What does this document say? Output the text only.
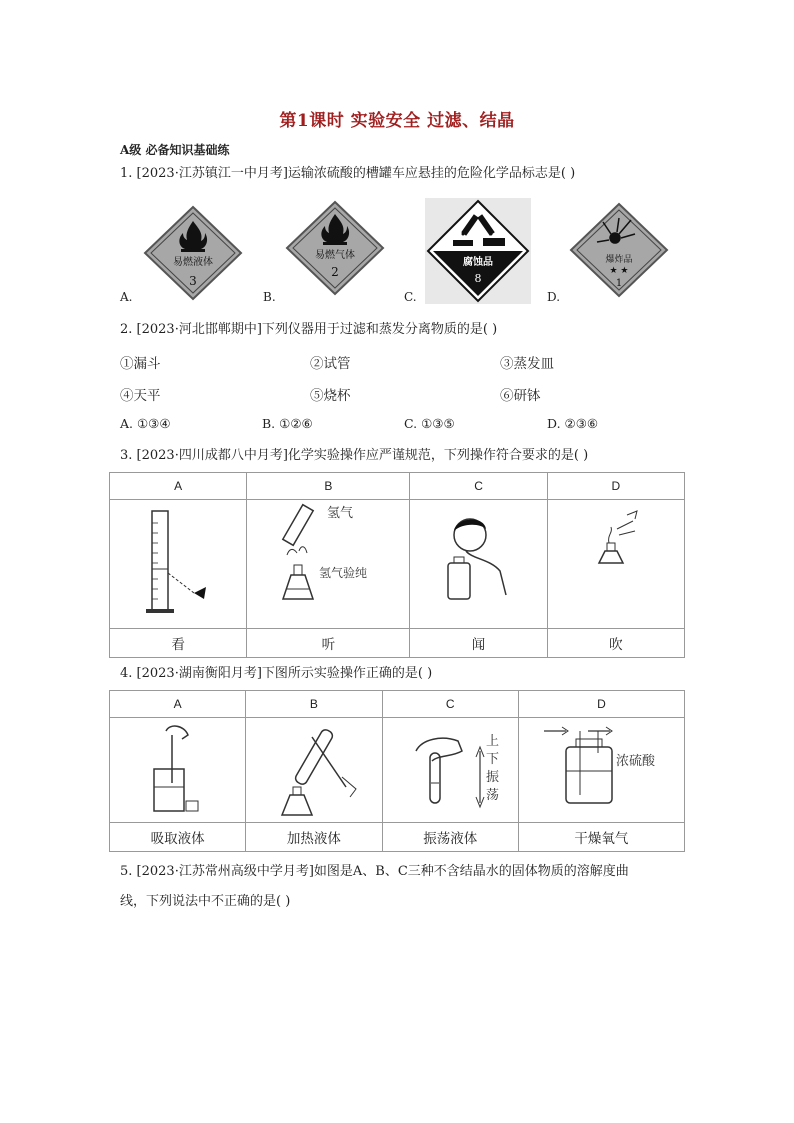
第1课时 实验安全 过滤、结晶
A级 必备知识基础练
1. [2023·江苏镇江一中月考]运输浓硫酸的槽罐车应悬挂的危险化学品标志是( )
易燃液体
3
A.
易燃气体
2
B.
腐蚀品
8
C.
爆炸品
★ ★
1
D.
2. [2023·河北邯郸期中]下列仪器用于过滤和蒸发分离物质的是( )
①漏斗	②试管	③蒸发皿
④天平	⑤烧杯	⑥研钵
A. ①③④	B. ①②⑥	C. ①③⑤	D. ②③⑥
3. [2023·四川成都八中月考]化学实验操作应严谨规范，下列操作符合要求的是( )
A	B	C	D

看	听	闻	吹
氢气
氢气验纯
4. [2023·湖南衡阳月考]下图所示实验操作正确的是( )
A	B	C	D

吸取液体	加热液体	振荡液体	干燥氧气
上
下
振
荡
浓硫酸
5. [2023·江苏常州高级中学月考]如图是A、B、C三种不含结晶水的固体物质的溶解度曲
线，下列说法中不正确的是( )
